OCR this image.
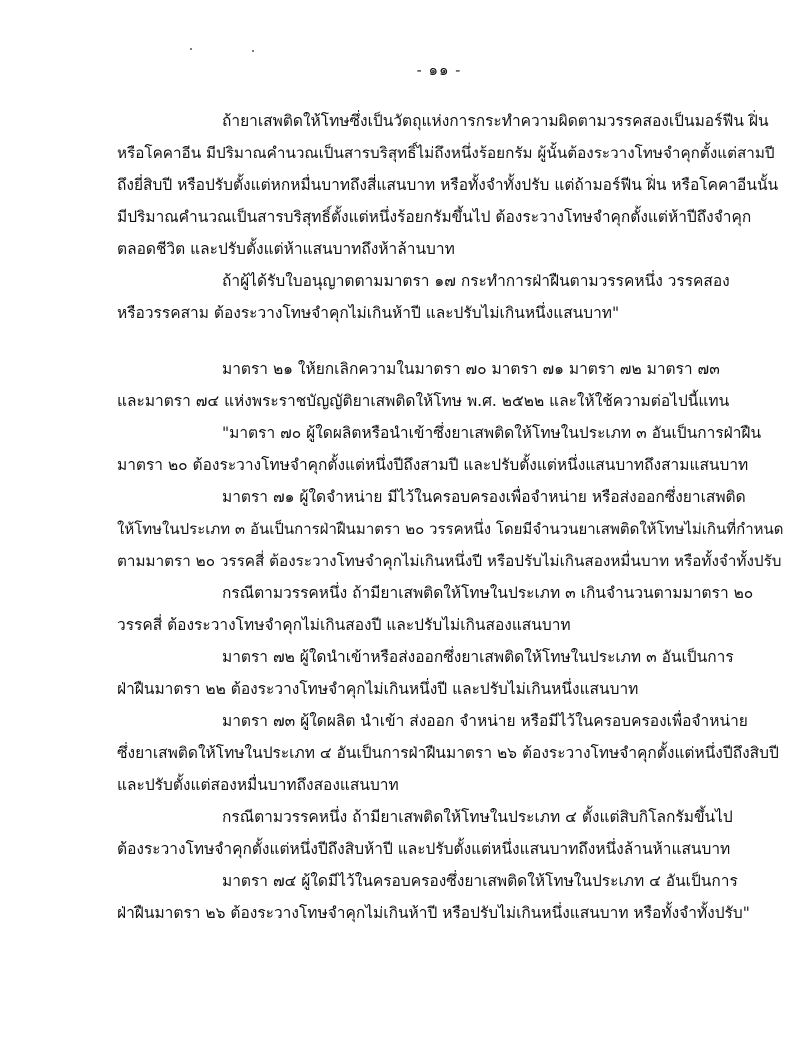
- ๑๑ -
ถ้ายาเสพติดให้โทษซึ่งเป็นวัตถุแห่งการกระทำความผิดตามวรรคสองเป็นมอร์ฟีน ฝิ่น
หรือโคคาอีน มีปริมาณคำนวณเป็นสารบริสุทธิ์ไม่ถึงหนึ่งร้อยกรัม ผู้นั้นต้องระวางโทษจำคุกตั้งแต่สามปี
ถึงยี่สิบปี หรือปรับตั้งแต่หกหมื่นบาทถึงสี่แสนบาท หรือทั้งจำทั้งปรับ แต่ถ้ามอร์ฟีน ฝิ่น หรือโคคาอีนนั้น
มีปริมาณคำนวณเป็นสารบริสุทธิ์ตั้งแต่หนึ่งร้อยกรัมขึ้นไป ต้องระวางโทษจำคุกตั้งแต่ห้าปีถึงจำคุก
ตลอดชีวิต และปรับตั้งแต่ห้าแสนบาทถึงห้าล้านบาท
ถ้าผู้ได้รับใบอนุญาตตามมาตรา ๑๗ กระทำการฝ่าฝืนตามวรรคหนึ่ง วรรคสอง
หรือวรรคสาม ต้องระวางโทษจำคุกไม่เกินห้าปี และปรับไม่เกินหนึ่งแสนบาท"
มาตรา ๒๑ ให้ยกเลิกความในมาตรา ๗๐ มาตรา ๗๑ มาตรา ๗๒ มาตรา ๗๓
และมาตรา ๗๔ แห่งพระราชบัญญัติยาเสพติดให้โทษ พ.ศ. ๒๕๒๒ และให้ใช้ความต่อไปนี้แทน
"มาตรา ๗๐ ผู้ใดผลิตหรือนำเข้าซึ่งยาเสพติดให้โทษในประเภท ๓ อันเป็นการฝ่าฝืน
มาตรา ๒๐ ต้องระวางโทษจำคุกตั้งแต่หนึ่งปีถึงสามปี และปรับตั้งแต่หนึ่งแสนบาทถึงสามแสนบาท
มาตรา ๗๑ ผู้ใดจำหน่าย มีไว้ในครอบครองเพื่อจำหน่าย หรือส่งออกซึ่งยาเสพติด
ให้โทษในประเภท ๓ อันเป็นการฝ่าฝืนมาตรา ๒๐ วรรคหนึ่ง โดยมีจำนวนยาเสพติดให้โทษไม่เกินที่กำหนด
ตามมาตรา ๒๐ วรรคสี่ ต้องระวางโทษจำคุกไม่เกินหนึ่งปี หรือปรับไม่เกินสองหมื่นบาท หรือทั้งจำทั้งปรับ
กรณีตามวรรคหนึ่ง ถ้ามียาเสพติดให้โทษในประเภท ๓ เกินจำนวนตามมาตรา ๒๐
วรรคสี่ ต้องระวางโทษจำคุกไม่เกินสองปี และปรับไม่เกินสองแสนบาท
มาตรา ๗๒ ผู้ใดนำเข้าหรือส่งออกซึ่งยาเสพติดให้โทษในประเภท ๓ อันเป็นการ
ฝ่าฝืนมาตรา ๒๒ ต้องระวางโทษจำคุกไม่เกินหนึ่งปี และปรับไม่เกินหนึ่งแสนบาท
มาตรา ๗๓ ผู้ใดผลิต นำเข้า ส่งออก จำหน่าย หรือมีไว้ในครอบครองเพื่อจำหน่าย
ซึ่งยาเสพติดให้โทษในประเภท ๔ อันเป็นการฝ่าฝืนมาตรา ๒๖ ต้องระวางโทษจำคุกตั้งแต่หนึ่งปีถึงสิบปี
และปรับตั้งแต่สองหมื่นบาทถึงสองแสนบาท
กรณีตามวรรคหนึ่ง ถ้ามียาเสพติดให้โทษในประเภท ๔ ตั้งแต่สิบกิโลกรัมขึ้นไป
ต้องระวางโทษจำคุกตั้งแต่หนึ่งปีถึงสิบห้าปี และปรับตั้งแต่หนึ่งแสนบาทถึงหนึ่งล้านห้าแสนบาท
มาตรา ๗๔ ผู้ใดมีไว้ในครอบครองซึ่งยาเสพติดให้โทษในประเภท ๔ อันเป็นการ
ฝ่าฝืนมาตรา ๒๖ ต้องระวางโทษจำคุกไม่เกินห้าปี หรือปรับไม่เกินหนึ่งแสนบาท หรือทั้งจำทั้งปรับ"
